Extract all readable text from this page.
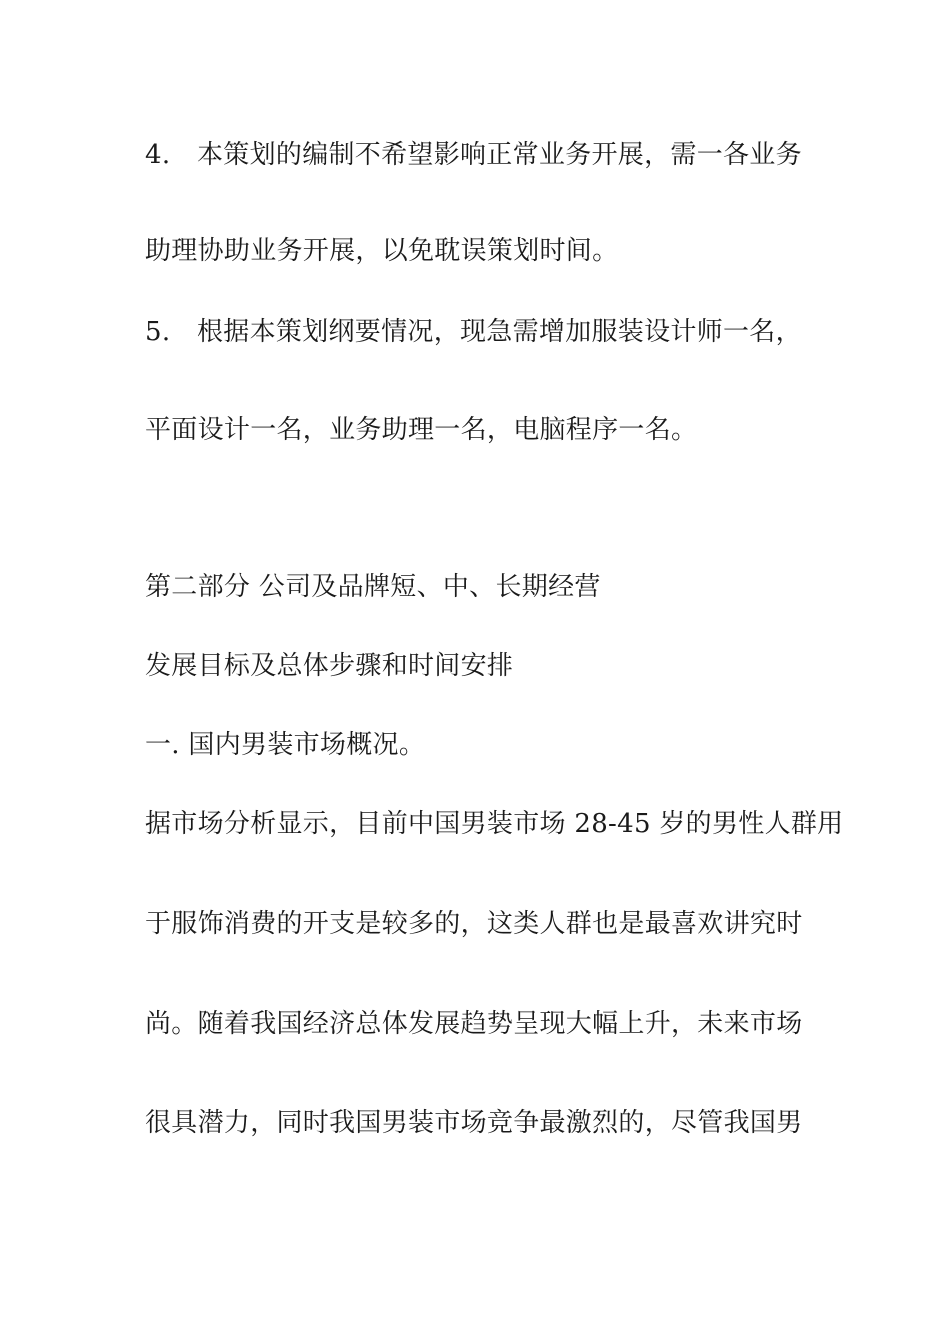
4. 本策划的编制不希望影响正常业务开展，需一各业务
助理协助业务开展，以免耽误策划时间。
5. 根据本策划纲要情况，现急需增加服装设计师一名，
平面设计一名，业务助理一名，电脑程序一名。
第二部分 公司及品牌短、中、长期经营
发展目标及总体步骤和时间安排
一. 国内男装市场概况。
据市场分析显示，目前中国男装市场 28-45 岁的男性人群用
于服饰消费的开支是较多的，这类人群也是最喜欢讲究时
尚。随着我国经济总体发展趋势呈现大幅上升，未来市场
很具潜力，同时我国男装市场竞争最激烈的，尽管我国男
